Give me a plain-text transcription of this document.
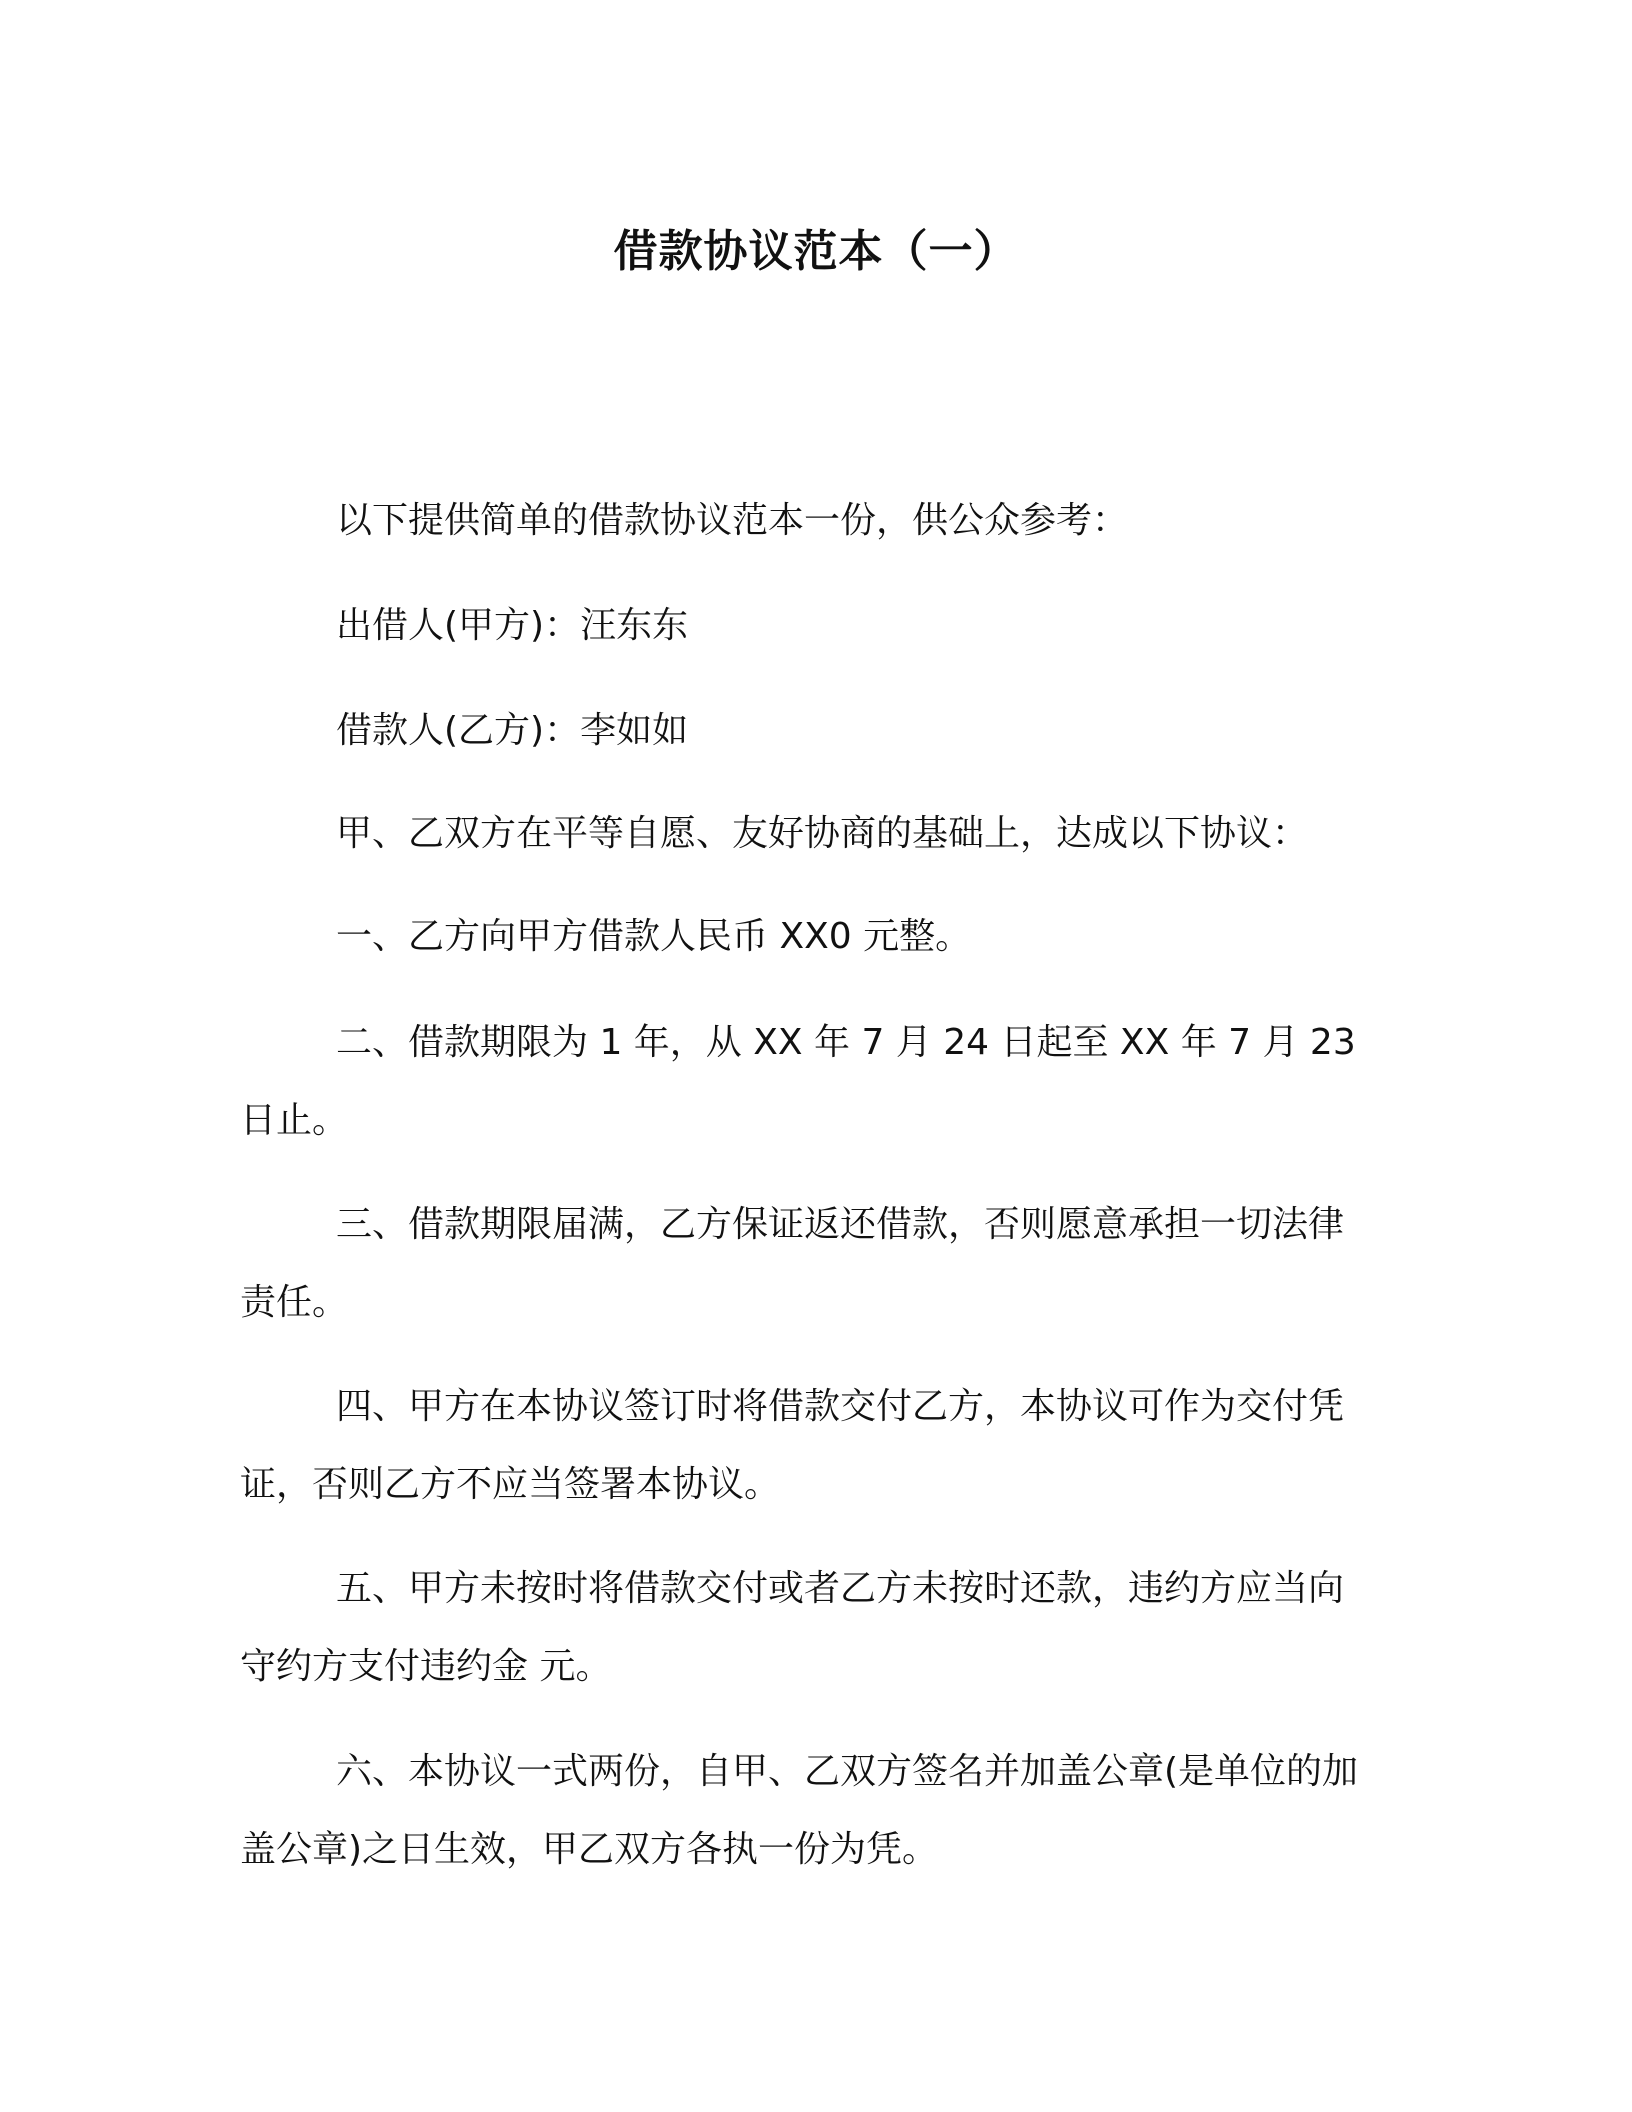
借款协议范本（一）

以下提供简单的借款协议范本一份，供公众参考：

出借人(甲方)：汪东东

借款人(乙方)：李如如

甲、乙双方在平等自愿、友好协商的基础上，达成以下协议：

一、乙方向甲方借款人民币 XX0 元整。

二、借款期限为 1 年，从 XX 年 7 月 24 日起至 XX 年 7 月 23 日止。

三、借款期限届满，乙方保证返还借款，否则愿意承担一切法律责任。

四、甲方在本协议签订时将借款交付乙方，本协议可作为交付凭证，否则乙方不应当签署本协议。

五、甲方未按时将借款交付或者乙方未按时还款，违约方应当向守约方支付违约金 元。

六、本协议一式两份，自甲、乙双方签名并加盖公章(是单位的加盖公章)之日生效，甲乙双方各执一份为凭。
